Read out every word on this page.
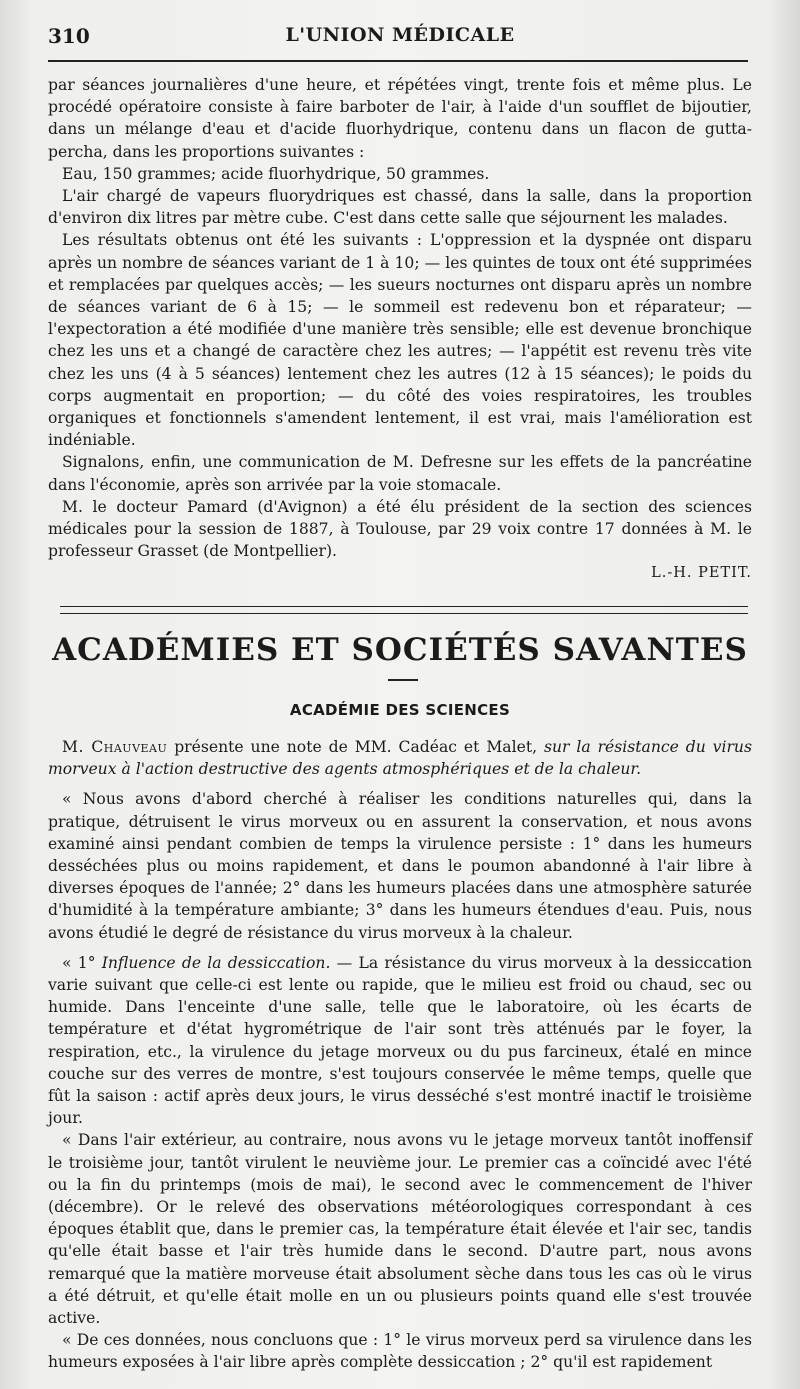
310	L'UNION MÉDICALE

par séances journalières d'une heure, et répétées vingt, trente fois et même plus. Le procédé opératoire consiste à faire barboter de l'air, à l'aide d'un soufflet de bijoutier, dans un mélange d'eau et d'acide fluorhydrique, contenu dans un flacon de gutta-percha, dans les proportions suivantes :

Eau, 150 grammes; acide fluorhydrique, 50 grammes.

L'air chargé de vapeurs fluorydriques est chassé, dans la salle, dans la proportion d'environ dix litres par mètre cube. C'est dans cette salle que séjournent les malades.

Les résultats obtenus ont été les suivants : L'oppression et la dyspnée ont disparu après un nombre de séances variant de 1 à 10; — les quintes de toux ont été supprimées et remplacées par quelques accès; — les sueurs nocturnes ont disparu après un nombre de séances variant de 6 à 15; — le sommeil est redevenu bon et réparateur; — l'expectoration a été modifiée d'une manière très sensible; elle est devenue bronchique chez les uns et a changé de caractère chez les autres; — l'appétit est revenu très vite chez les uns (4 à 5 séances) lentement chez les autres (12 à 15 séances); le poids du corps augmentait en proportion; — du côté des voies respiratoires, les troubles organiques et fonctionnels s'amendent lentement, il est vrai, mais l'amélioration est indéniable.

Signalons, enfin, une communication de M. Defresne sur les effets de la pancréatine dans l'économie, après son arrivée par la voie stomacale.

M. le docteur Pamard (d'Avignon) a été élu président de la section des sciences médicales pour la session de 1887, à Toulouse, par 29 voix contre 17 données à M. le professeur Grasset (de Montpellier).

L.-H. PETIT.

ACADÉMIES ET SOCIÉTÉS SAVANTES
ACADÉMIE DES SCIENCES

M. Chauveau présente une note de MM. Cadéac et Malet, sur la résistance du virus morveux à l'action destructive des agents atmosphériques et de la chaleur.

« Nous avons d'abord cherché à réaliser les conditions naturelles qui, dans la pratique, détruisent le virus morveux ou en assurent la conservation, et nous avons examiné ainsi pendant combien de temps la virulence persiste : 1° dans les humeurs desséchées plus ou moins rapidement, et dans le poumon abandonné à l'air libre à diverses époques de l'année; 2° dans les humeurs placées dans une atmosphère saturée d'humidité à la température ambiante; 3° dans les humeurs étendues d'eau. Puis, nous avons étudié le degré de résistance du virus morveux à la chaleur.

« 1° Influence de la dessiccation. — La résistance du virus morveux à la dessiccation varie suivant que celle-ci est lente ou rapide, que le milieu est froid ou chaud, sec ou humide. Dans l'enceinte d'une salle, telle que le laboratoire, où les écarts de température et d'état hygrométrique de l'air sont très atténués par le foyer, la respiration, etc., la virulence du jetage morveux ou du pus farcineux, étalé en mince couche sur des verres de montre, s'est toujours conservée le même temps, quelle que fût la saison : actif après deux jours, le virus desséché s'est montré inactif le troisième jour.

« Dans l'air extérieur, au contraire, nous avons vu le jetage morveux tantôt inoffensif le troisième jour, tantôt virulent le neuvième jour. Le premier cas a coïncidé avec l'été ou la fin du printemps (mois de mai), le second avec le commencement de l'hiver (décembre). Or le relevé des observations météorologiques correspondant à ces époques établit que, dans le premier cas, la température était élevée et l'air sec, tandis qu'elle était basse et l'air très humide dans le second. D'autre part, nous avons remarqué que la matière morveuse était absolument sèche dans tous les cas où le virus a été détruit, et qu'elle était molle en un ou plusieurs points quand elle s'est trouvée active.

« De ces données, nous concluons que : 1° le virus morveux perd sa virulence dans les humeurs exposées à l'air libre après complète dessiccation ; 2° qu'il est rapidement
